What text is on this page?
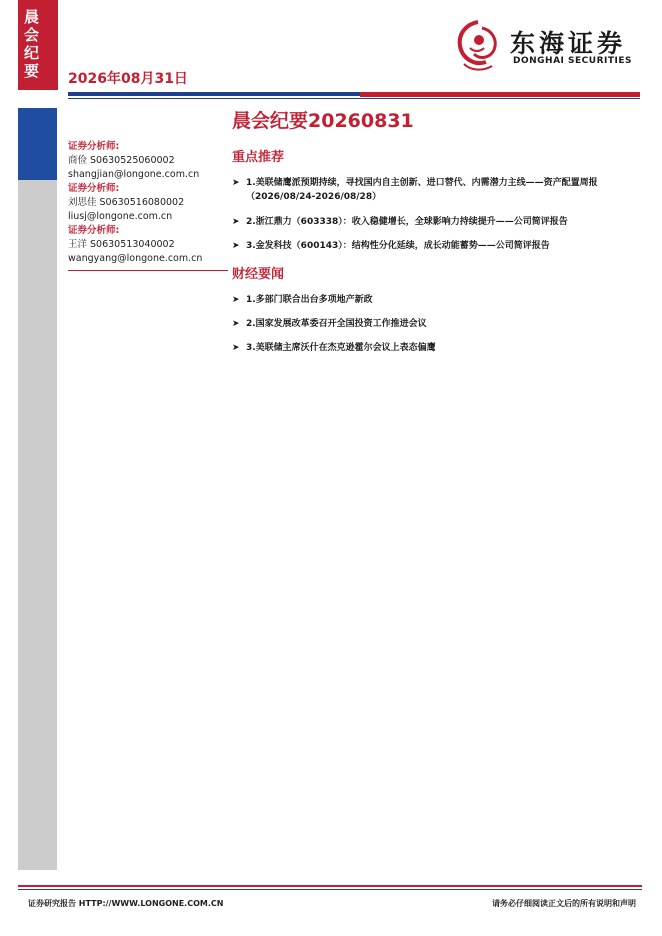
晨会纪要	2026年08月31日
东海证券
DONGHAI SECURITIES
证券分析师:
商俭 S0630525060002
shangjian@longone.com.cn
证券分析师:
刘思佳 S0630516080002
liusj@longone.com.cn
证券分析师:
王洋 S0630513040002
wangyang@longone.com.cn
晨会纪要20260831
重点推荐
➤ 1.美联储鹰派预期持续，寻找国内自主创新、进口替代、内需潜力主线——资产配置周报
（2026/08/24-2026/08/28）
➤ 2.浙江鼎力（603338）：收入稳健增长，全球影响力持续提升——公司简评报告
➤ 3.金发科技（600143）：结构性分化延续，成长动能蓄势——公司简评报告
财经要闻
➤ 1.多部门联合出台多项地产新政
➤ 2.国家发展改革委召开全国投资工作推进会议
➤ 3.美联储主席沃什在杰克逊霍尔会议上表态偏鹰
证券研究报告 HTTP://WWW.LONGONE.COM.CN	请务必仔细阅读正文后的所有说明和声明
